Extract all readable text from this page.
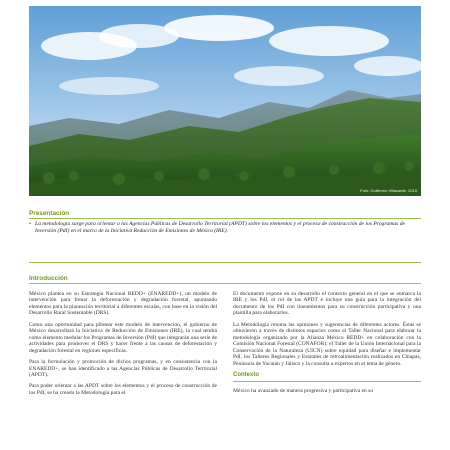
Foto: Guillermo Villasante, 2015
Presentación

• La metodología surge para orientar a las Agencias Públicas de Desarrollo Territorial (APDT) sobre los elementos y el proceso de construcción de los Programas de Inversión (PdI) en el marco de la Iniciativa Reducción de Emisiones de México (IRE).

Introducción

México plantea en su Estrategia Nacional REDD+ (ENAREDD+), un modelo de intervención para frenar la deforestación y degradación forestal, apuntando elementos para la planeación territorial a diferentes escalas, con base en la visión del Desarrollo Rural Sustentable (DRS).

Como una oportunidad para pilotear este modelo de intervención, el gobierno de México desarrollará la Iniciativa de Reducción de Emisiones (IRE), la cual tendrá como elemento medular los Programas de Inversión (PdI) que integrarán una serie de actividades para promover el DRS y hacer frente a las causas de deforestación y degradación forestal en regiones específicas.

Para la formulación y promoción de dichos programas, y en consistencia con la ENAREDD+, se han identificado a las Agencias Públicas de Desarrollo Territorial (APDT).

Para poder orientar a las APDT sobre los elementos y el proceso de construcción de los PdI, se ha creado la Metodología para el

El documento expone en su desarrollo el contexto general en el que se enmarca la IRE y los PdI, el rol de las APDT e incluye una guía para la integración del documento de los PdI con lineamientos para su construcción participativa y una plantilla para elaborarlos.

La Metodología retoma las opiniones y sugerencias de diferentes actores. Éstas se obtuvieron a través de distintos espacios como el Taller Nacional para elaborar la metodología organizado por la Alianza México REDD+ en colaboración con la Comisión Nacional Forestal (CONAFOR); el Taller de la Unión Internacional para la Conservación de la Naturaleza (UICN) sobre equidad para diseñar e implementar PdI, los Talleres Regionales y Estatales de retroalimentación realizados en Chiapas, Península de Yucatán y Jalisco y la consulta a expertos en el tema de género.

Contexto

México ha avanzado de manera progresiva y participativa en su
